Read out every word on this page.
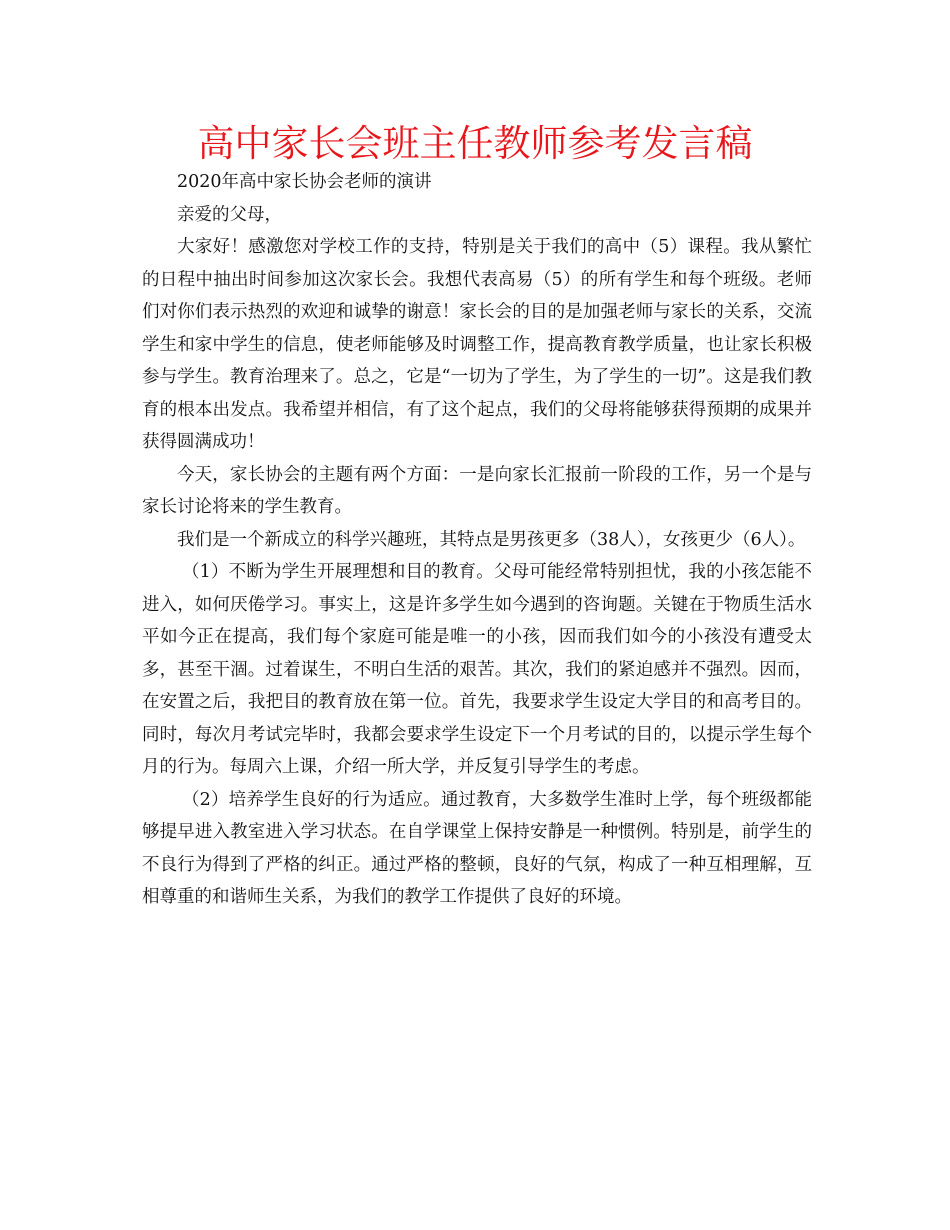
高中家长会班主任教师参考发言稿

2020年高中家长协会老师的演讲

亲爱的父母，

大家好！感激您对学校工作的支持，特别是关于我们的高中（5）课程。我从繁忙的日程中抽出时间参加这次家长会。我想代表高易（5）的所有学生和每个班级。老师们对你们表示热烈的欢迎和诚挚的谢意！家长会的目的是加强老师与家长的关系，交流学生和家中学生的信息，使老师能够及时调整工作，提高教育教学质量，也让家长积极参与学生。教育治理来了。总之，它是“一切为了学生，为了学生的一切”。这是我们教育的根本出发点。我希望并相信，有了这个起点，我们的父母将能够获得预期的成果并获得圆满成功！

今天，家长协会的主题有两个方面：一是向家长汇报前一阶段的工作，另一个是与家长讨论将来的学生教育。

我们是一个新成立的科学兴趣班，其特点是男孩更多（38人），女孩更少（6人）。

（1）不断为学生开展理想和目的教育。父母可能经常特别担忧，我的小孩怎能不进入，如何厌倦学习。事实上，这是许多学生如今遇到的咨询题。关键在于物质生活水平如今正在提高，我们每个家庭可能是唯一的小孩，因而我们如今的小孩没有遭受太多，甚至干涸。过着谋生，不明白生活的艰苦。其次，我们的紧迫感并不强烈。因而，在安置之后，我把目的教育放在第一位。首先，我要求学生设定大学目的和高考目的。同时，每次月考试完毕时，我都会要求学生设定下一个月考试的目的，以提示学生每个月的行为。每周六上课，介绍一所大学，并反复引导学生的考虑。

（2）培养学生良好的行为适应。通过教育，大多数学生准时上学，每个班级都能够提早进入教室进入学习状态。在自学课堂上保持安静是一种惯例。特别是，前学生的不良行为得到了严格的纠正。通过严格的整顿，良好的气氛，构成了一种互相理解，互相尊重的和谐师生关系，为我们的教学工作提供了良好的环境。
